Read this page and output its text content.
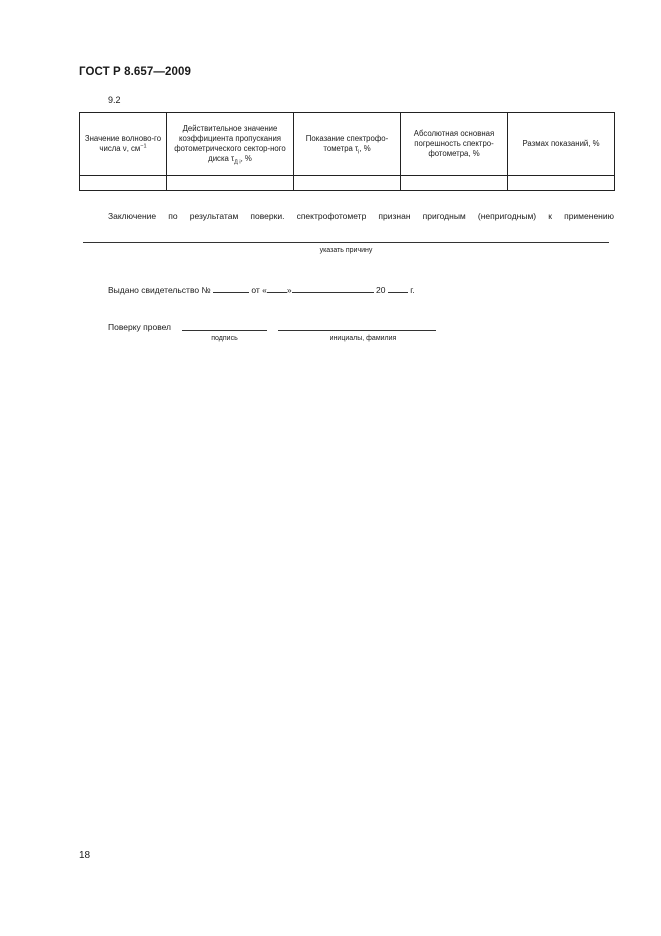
ГОСТ Р 8.657—2009
9.2
Значение волново-го числа ν, $см^{-1}$	Действительное значение коэффициента пропускания фотометрического сектор-ного диска $\tau_{Д i}$, %	Показание спектрофо-тометра $\tau_i$, %	Абсолютная основная погрешность спектро-фотометра, %	Размах показаний, %

Заключение по результатам поверки. спектрофотометр признан пригодным (непригодным) к применению
указать причину
Выдано свидетельство №	от « »	20	г.
Поверку провел
подпись	инициалы, фамилия
18
